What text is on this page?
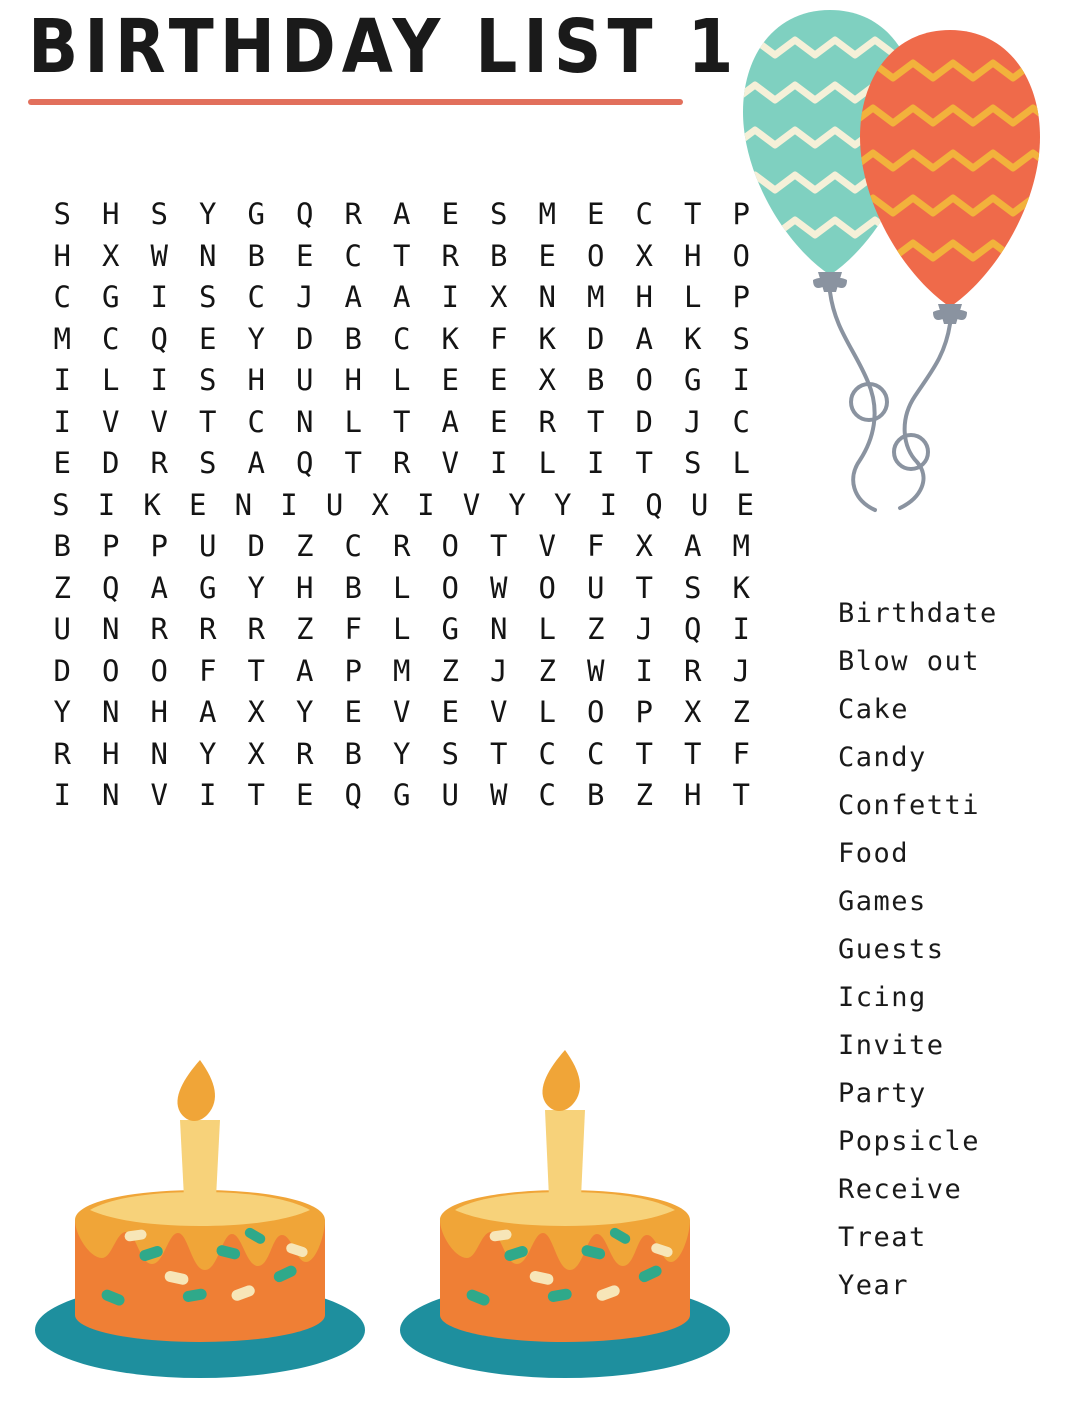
BIRTHDAY LIST 1
S	H	S	Y	G	Q	R	A	E	S	M	E	C	T	P
H	X	W	N	B	E	C	T	R	B	E	O	X	H	O
C	G	I	S	C	J	A	A	I	X	N	M	H	L	P
M	C	Q	E	Y	D	B	C	K	F	K	D	A	K	S
I	L	I	S	H	U	H	L	E	E	X	B	O	G	I
I	V	V	T	C	N	L	T	A	E	R	T	D	J	C
E	D	R	S	A	Q	T	R	V	I	L	I	T	S	L
S I K E N I U X I V Y Y I Q U E
B	P	P	U	D	Z	C	R	O	T	V	F	X	A	M
Z	Q	A	G	Y	H	B	L	O	W	O	U	T	S	K
U	N	R	R	R	Z	F	L	G	N	L	Z	J	Q	I
D	O	O	F	T	A	P	M	Z	J	Z	W	I	R	J
Y	N	H	A	X	Y	E	V	E	V	L	O	P	X	Z
R	H	N	Y	X	R	B	Y	S	T	C	C	T	T	F
I	N	V	I	T	E	Q	G	U	W	C	B	Z	H	T
Birthdate
Blow out
Cake
Candy
Confetti
Food
Games
Guests
Icing
Invite
Party
Popsicle
Receive
Treat
Year
